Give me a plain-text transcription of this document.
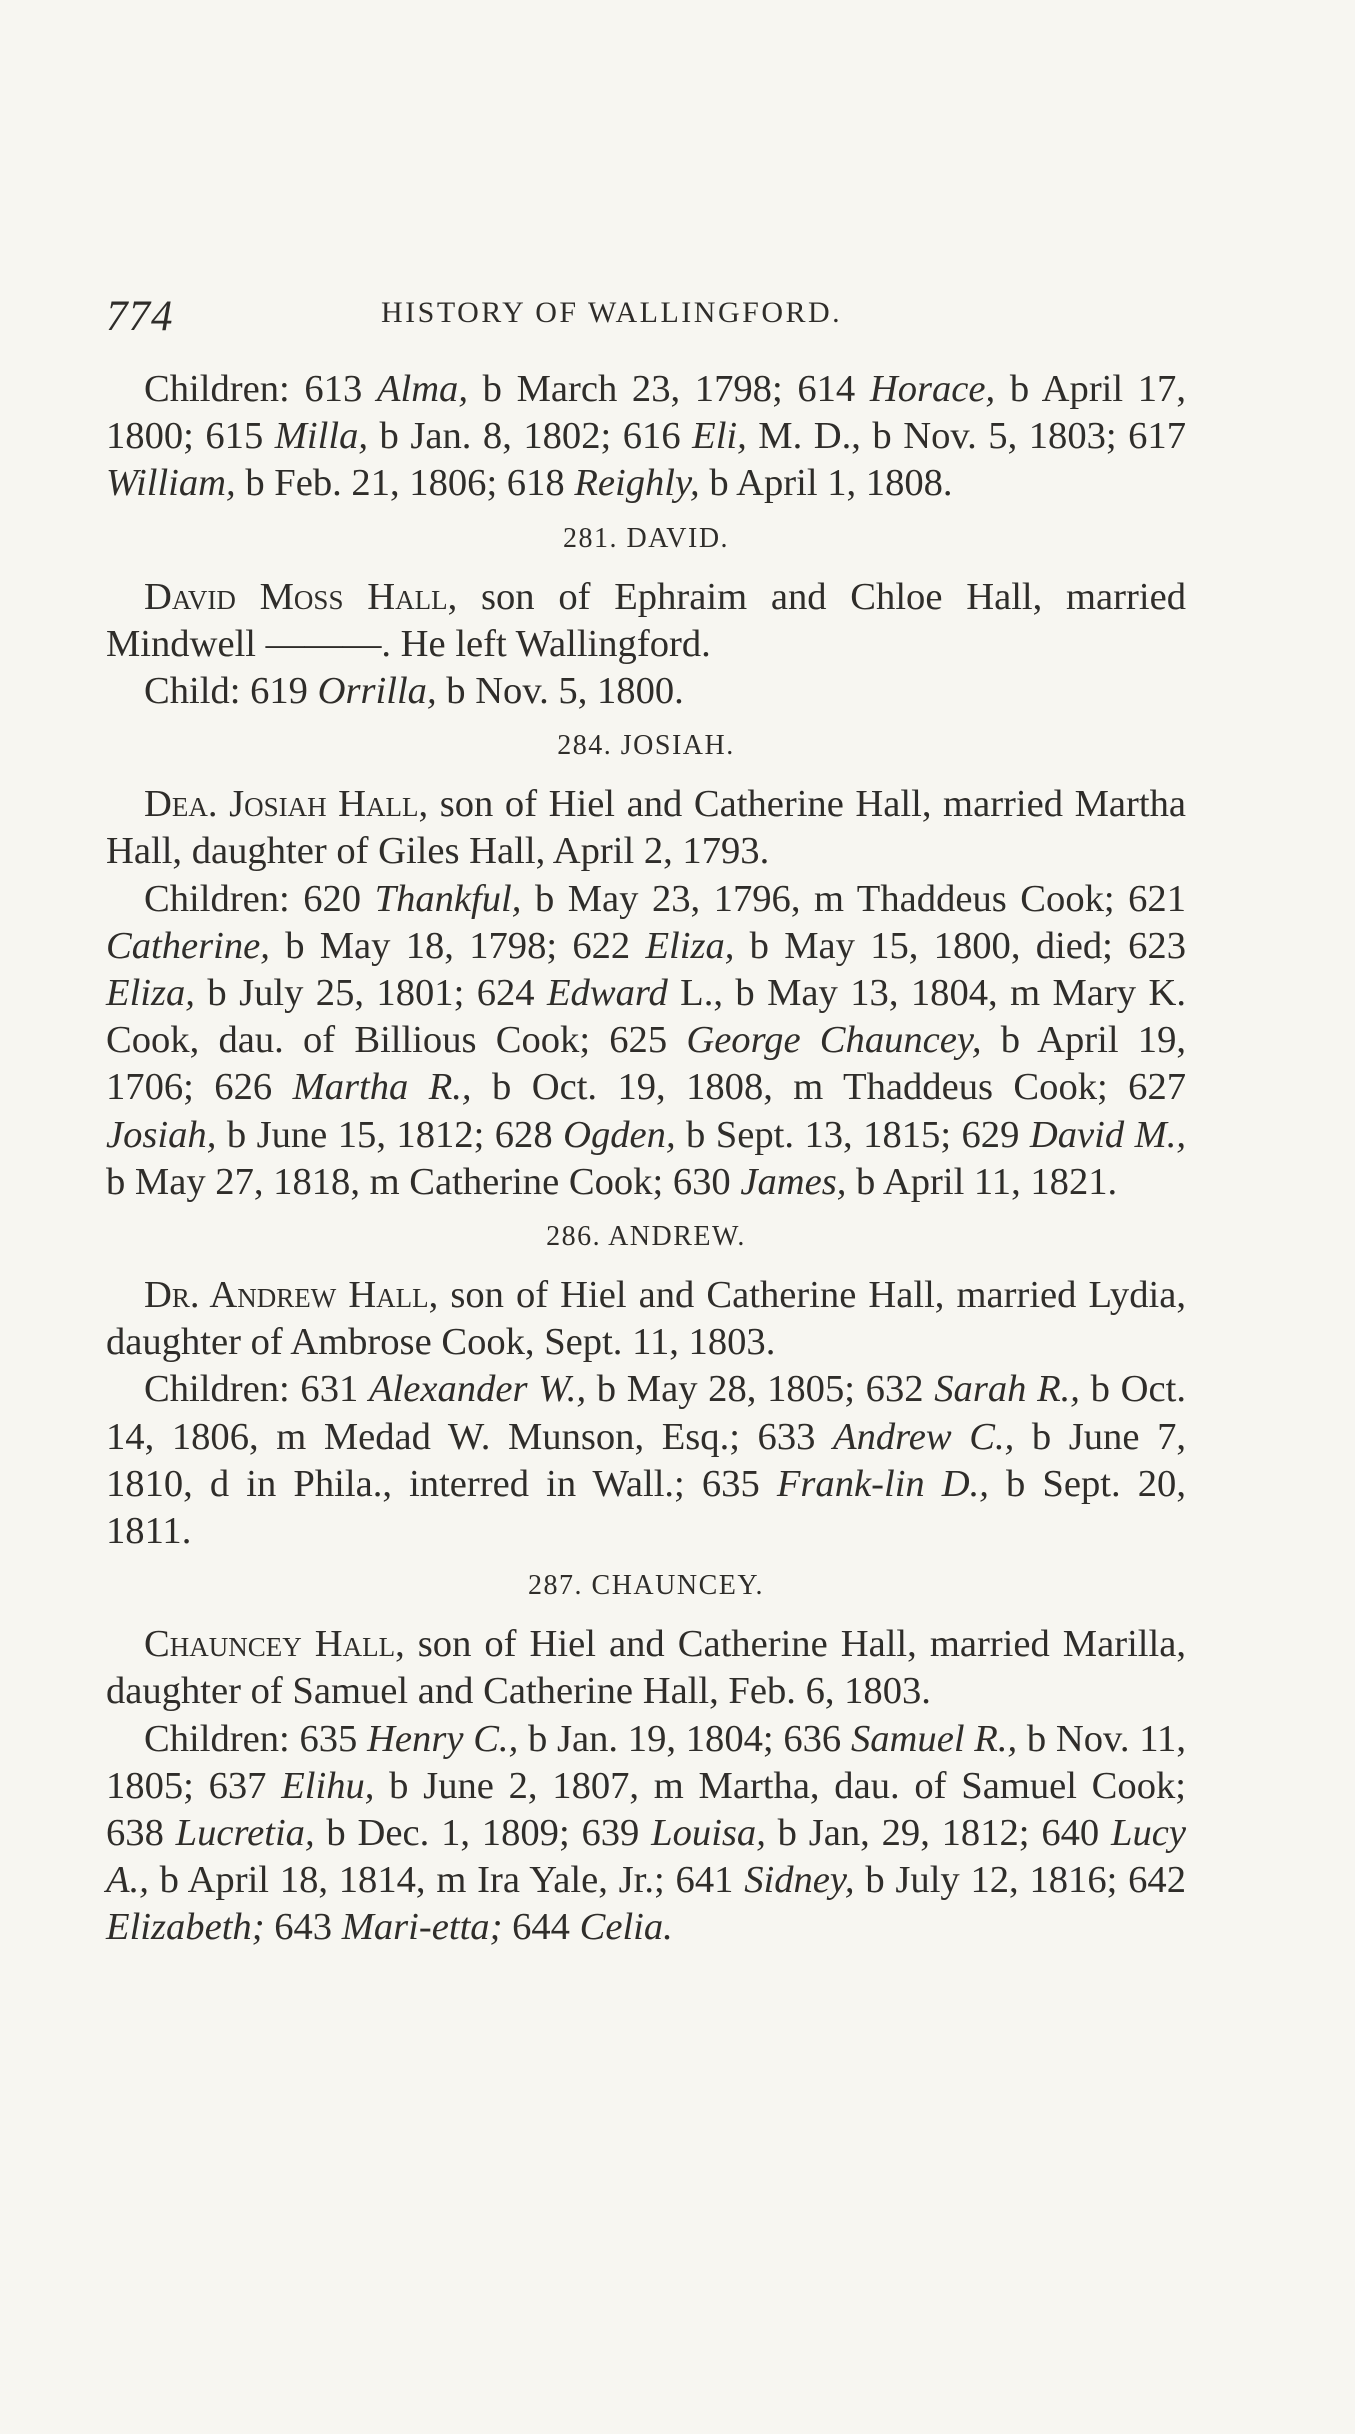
774	HISTORY OF WALLINGFORD.

Children: 613 Alma, b March 23, 1798; 614 Horace, b April 17, 1800; 615 Milla, b Jan. 8, 1802; 616 Eli, M. D., b Nov. 5, 1803; 617 William, b Feb. 21, 1806; 618 Reighly, b April 1, 1808.

281. DAVID.

David Moss Hall, son of Ephraim and Chloe Hall, married Mindwell ———. He left Wallingford.

Child: 619 Orrilla, b Nov. 5, 1800.

284. JOSIAH.

Dea. Josiah Hall, son of Hiel and Catherine Hall, married Martha Hall, daughter of Giles Hall, April 2, 1793.

Children: 620 Thankful, b May 23, 1796, m Thaddeus Cook; 621 Catherine, b May 18, 1798; 622 Eliza, b May 15, 1800, died; 623 Eliza, b July 25, 1801; 624 Edward L., b May 13, 1804, m Mary K. Cook, dau. of Billious Cook; 625 George Chauncey, b April 19, 1706; 626 Martha R., b Oct. 19, 1808, m Thaddeus Cook; 627 Josiah, b June 15, 1812; 628 Ogden, b Sept. 13, 1815; 629 David M., b May 27, 1818, m Catherine Cook; 630 James, b April 11, 1821.

286. ANDREW.

Dr. Andrew Hall, son of Hiel and Catherine Hall, married Lydia, daughter of Ambrose Cook, Sept. 11, 1803.

Children: 631 Alexander W., b May 28, 1805; 632 Sarah R., b Oct. 14, 1806, m Medad W. Munson, Esq.; 633 Andrew C., b June 7, 1810, d in Phila., interred in Wall.; 635 Frank-lin D., b Sept. 20, 1811.

287. CHAUNCEY.

Chauncey Hall, son of Hiel and Catherine Hall, married Marilla, daughter of Samuel and Catherine Hall, Feb. 6, 1803.

Children: 635 Henry C., b Jan. 19, 1804; 636 Samuel R., b Nov. 11, 1805; 637 Elihu, b June 2, 1807, m Martha, dau. of Samuel Cook; 638 Lucretia, b Dec. 1, 1809; 639 Louisa, b Jan, 29, 1812; 640 Lucy A., b April 18, 1814, m Ira Yale, Jr.; 641 Sidney, b July 12, 1816; 642 Elizabeth; 643 Mari-etta; 644 Celia.
